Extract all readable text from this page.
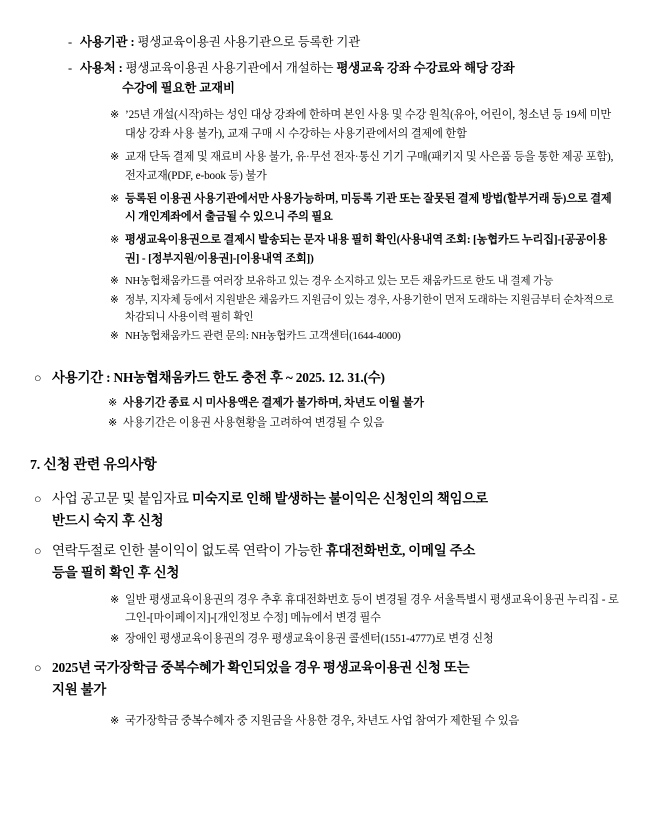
- 사용기관 : 평생교육이용권 사용기관으로 등록한 기관
- 사용처 : 평생교육이용권 사용기관에서 개설하는 평생교육 강좌 수강료와 해당 강좌
수강에 필요한 교재비
※ ’25년 개설(시작)하는 성인 대상 강좌에 한하며 본인 사용 및 수강 원칙(유아, 어린이, 청소년 등 19세 미만 대상 강좌 사용 불가), 교재 구매 시 수강하는 사용기관에서의 결제에 한함
※ 교재 단독 결제 및 재료비 사용 불가, 유·무선 전자·통신 기기 구매(패키지 및 사은품 등을 통한 제공 포함), 전자교재(PDF, e-book 등) 불가
※ 등록된 이용권 사용기관에서만 사용가능하며, 미등록 기관 또는 잘못된 결제 방법(할부거래 등)으로 결제 시 개인계좌에서 출금될 수 있으니 주의 필요
※ 평생교육이용권으로 결제시 발송되는 문자 내용 필히 확인(사용내역 조회: [농협카드 누리집]-[공공이용권] - [정부지원/이용권]-[이용내역 조회])
※ NH농협채움카드를 여러장 보유하고 있는 경우 소지하고 있는 모든 채움카드로 한도 내 결제 가능
※ 정부, 지자체 등에서 지원받은 채움카드 지원금이 있는 경우, 사용기한이 먼저 도래하는 지원금부터 순차적으로 차감되니 사용이력 필히 확인
※ NH농협채움카드 관련 문의: NH농협카드 고객센터(1644-4000)
○ 사용기간 : NH농협채움카드 한도 충전 후 ~ 2025. 12. 31.(수)
※ 사용기간 종료 시 미사용액은 결제가 불가하며, 차년도 이월 불가
※ 사용기간은 이용권 사용현황을 고려하여 변경될 수 있음
7. 신청 관련 유의사항
○ 사업 공고문 및 붙임자료 미숙지로 인해 발생하는 불이익은 신청인의 책임으로
반드시 숙지 후 신청
○ 연락두절로 인한 불이익이 없도록 연락이 가능한 휴대전화번호, 이메일 주소
등을 필히 확인 후 신청
※ 일반 평생교육이용권의 경우 추후 휴대전화번호 등이 변경될 경우 서울특별시 평생교육이용권 누리집 - 로그인-[마이페이지]-[개인정보 수정] 메뉴에서 변경 필수
※ 장애인 평생교육이용권의 경우 평생교육이용권 콜센터(1551-4777)로 변경 신청
○ 2025년 국가장학금 중복수혜가 확인되었을 경우 평생교육이용권 신청 또는
지원 불가
※ 국가장학금 중복수혜자 중 지원금을 사용한 경우, 차년도 사업 참여가 제한될 수 있음
